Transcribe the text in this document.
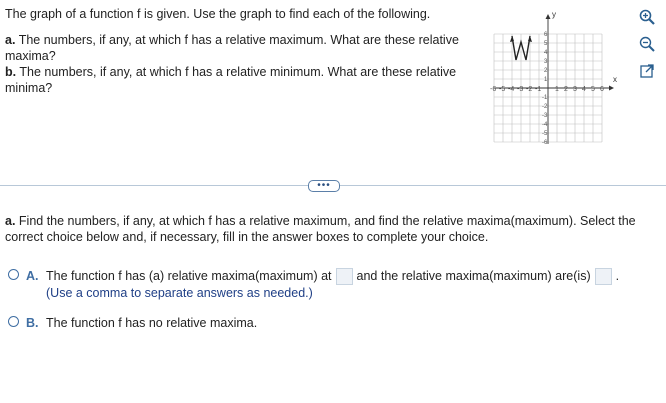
The graph of a function f is given. Use the graph to find each of the following.

a. The numbers, if any, at which f has a relative maximum. What are these relative maxima?

b. The numbers, if any, at which f has a relative minimum. What are these relative minima?

y
x
-6 -5 -4 -3 -2 -1 1 2 3 4 5 6
6
5
4
3
2
1
-1
-2
-3
-4
-5
-6
•••
a. Find the numbers, if any, at which f has a relative maximum, and find the relative maxima(maximum). Select the correct choice below and, if necessary, fill in the answer boxes to complete your choice.
A. The function f has (a) relative maxima(maximum) at and the relative maxima(maximum) are(is) .
(Use a comma to separate answers as needed.)
B. The function f has no relative maxima.
